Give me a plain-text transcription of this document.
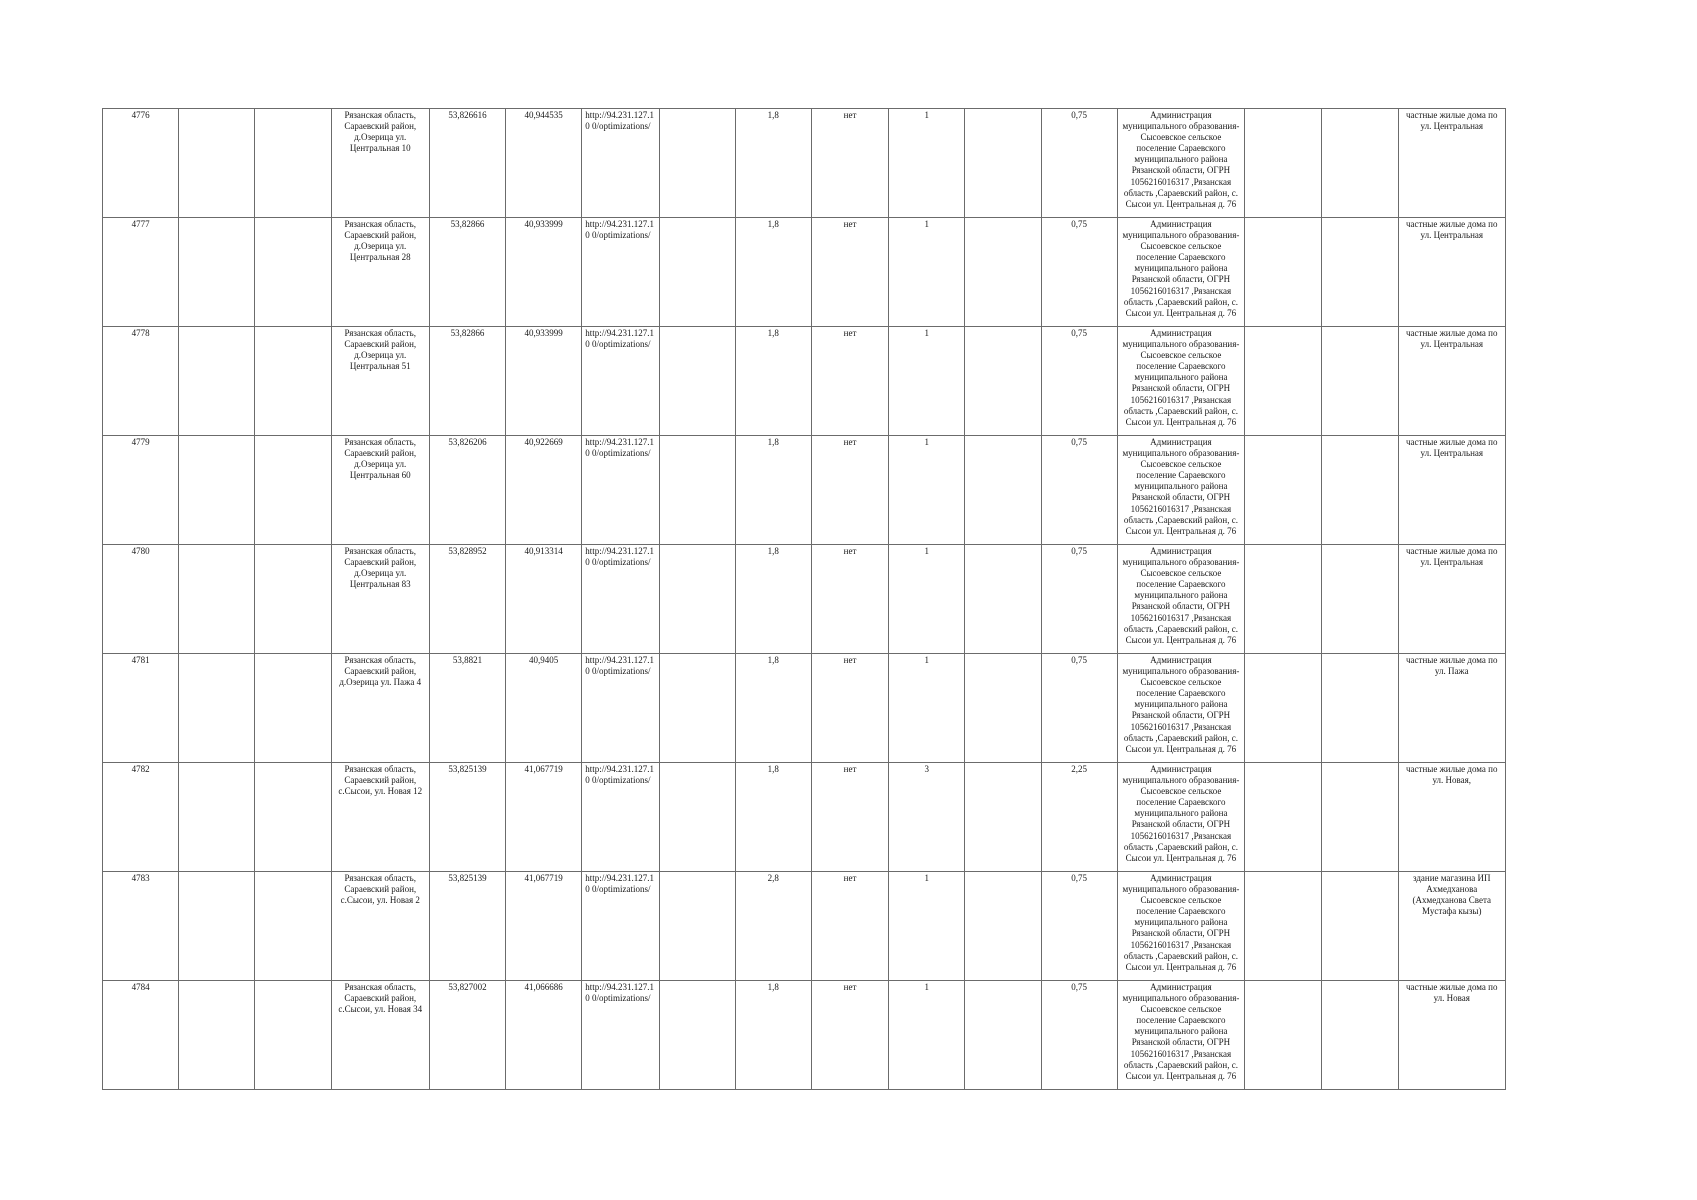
4776			Рязанская область, Сараевский район, д.Озерица ул. Центральная 10	53,826616	40,944535	http://94.231.127.10 0/optimizations/		1,8	нет	1		0,75	Администрация муниципального образования-Сысоевское сельское поселение Сараевского муниципального района Рязанской области, ОГРН 1056216016317 ,Рязанская область ,Сараевский район, с. Сысои ул. Центральная д. 76			частные жилые дома по ул. Центральная
4777			Рязанская область, Сараевский район, д.Озерица ул. Центральная 28	53,82866	40,933999	http://94.231.127.10 0/optimizations/		1,8	нет	1		0,75	Администрация муниципального образования-Сысоевское сельское поселение Сараевского муниципального района Рязанской области, ОГРН 1056216016317 ,Рязанская область ,Сараевский район, с. Сысои ул. Центральная д. 76			частные жилые дома по ул. Центральная
4778			Рязанская область, Сараевский район, д.Озерица ул. Центральная 51	53,82866	40,933999	http://94.231.127.10 0/optimizations/		1,8	нет	1		0,75	Администрация муниципального образования-Сысоевское сельское поселение Сараевского муниципального района Рязанской области, ОГРН 1056216016317 ,Рязанская область ,Сараевский район, с. Сысои ул. Центральная д. 76			частные жилые дома по ул. Центральная
4779			Рязанская область, Сараевский район, д.Озерица ул. Центральная 60	53,826206	40,922669	http://94.231.127.10 0/optimizations/		1,8	нет	1		0,75	Администрация муниципального образования-Сысоевское сельское поселение Сараевского муниципального района Рязанской области, ОГРН 1056216016317 ,Рязанская область ,Сараевский район, с. Сысои ул. Центральная д. 76			частные жилые дома по ул. Центральная
4780			Рязанская область, Сараевский район, д.Озерица ул. Центральная 83	53,828952	40,913314	http://94.231.127.10 0/optimizations/		1,8	нет	1		0,75	Администрация муниципального образования-Сысоевское сельское поселение Сараевского муниципального района Рязанской области, ОГРН 1056216016317 ,Рязанская область ,Сараевский район, с. Сысои ул. Центральная д. 76			частные жилые дома по ул. Центральная
4781			Рязанская область, Сараевский район, д.Озерица ул. Пажа 4	53,8821	40,9405	http://94.231.127.10 0/optimizations/		1,8	нет	1		0,75	Администрация муниципального образования-Сысоевское сельское поселение Сараевского муниципального района Рязанской области, ОГРН 1056216016317 ,Рязанская область ,Сараевский район, с. Сысои ул. Центральная д. 76			частные жилые дома по ул. Пажа
4782			Рязанская область, Сараевский район, с.Сысои, ул. Новая 12	53,825139	41,067719	http://94.231.127.10 0/optimizations/		1,8	нет	3		2,25	Администрация муниципального образования-Сысоевское сельское поселение Сараевского муниципального района Рязанской области, ОГРН 1056216016317 ,Рязанская область ,Сараевский район, с. Сысои ул. Центральная д. 76			частные жилые дома по ул. Новая,
4783			Рязанская область, Сараевский район, с.Сысои, ул. Новая 2	53,825139	41,067719	http://94.231.127.10 0/optimizations/		2,8	нет	1		0,75	Администрация муниципального образования-Сысоевское сельское поселение Сараевского муниципального района Рязанской области, ОГРН 1056216016317 ,Рязанская область ,Сараевский район, с. Сысои ул. Центральная д. 76			здание магазина ИП Ахмедханова (Ахмедханова Света Мустафа кызы)
4784			Рязанская область, Сараевский район, с.Сысои, ул. Новая 34	53,827002	41,066686	http://94.231.127.10 0/optimizations/		1,8	нет	1		0,75	Администрация муниципального образования-Сысоевское сельское поселение Сараевского муниципального района Рязанской области, ОГРН 1056216016317 ,Рязанская область ,Сараевский район, с. Сысои ул. Центральная д. 76			частные жилые дома по ул. Новая
